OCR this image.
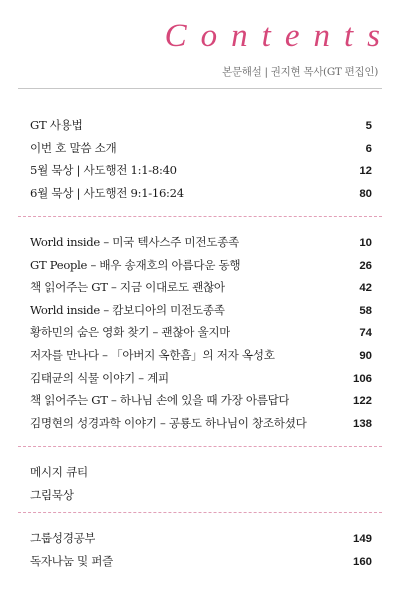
Contents
본문해설 | 권지현 목사(GT 편집인)
GT 사용법	5
이번 호 말씀 소개	6
5월 묵상 | 사도행전 1:1-8:40	12
6월 묵상 | 사도행전 9:1-16:24	80
World inside – 미국 텍사스주 미전도종족	10
GT People – 배우 송재호의 아름다운 동행	26
책 읽어주는 GT – 지금 이대로도 괜찮아	42
World inside – 캄보디아의 미전도종족	58
황하민의 숨은 영화 찾기 – 괜찮아 울지마	74
저자를 만나다 – 「아버지 옥한흠」의 저자 옥성호	90
김태균의 식물 이야기 – 계피	106
책 읽어주는 GT – 하나님 손에 있을 때 가장 아름답다	122
김명현의 성경과학 이야기 – 공룡도 하나님이 창조하셨다	138
메시지 큐티
그림묵상
그룹성경공부	149
독자나눔 및 퍼즐	160
